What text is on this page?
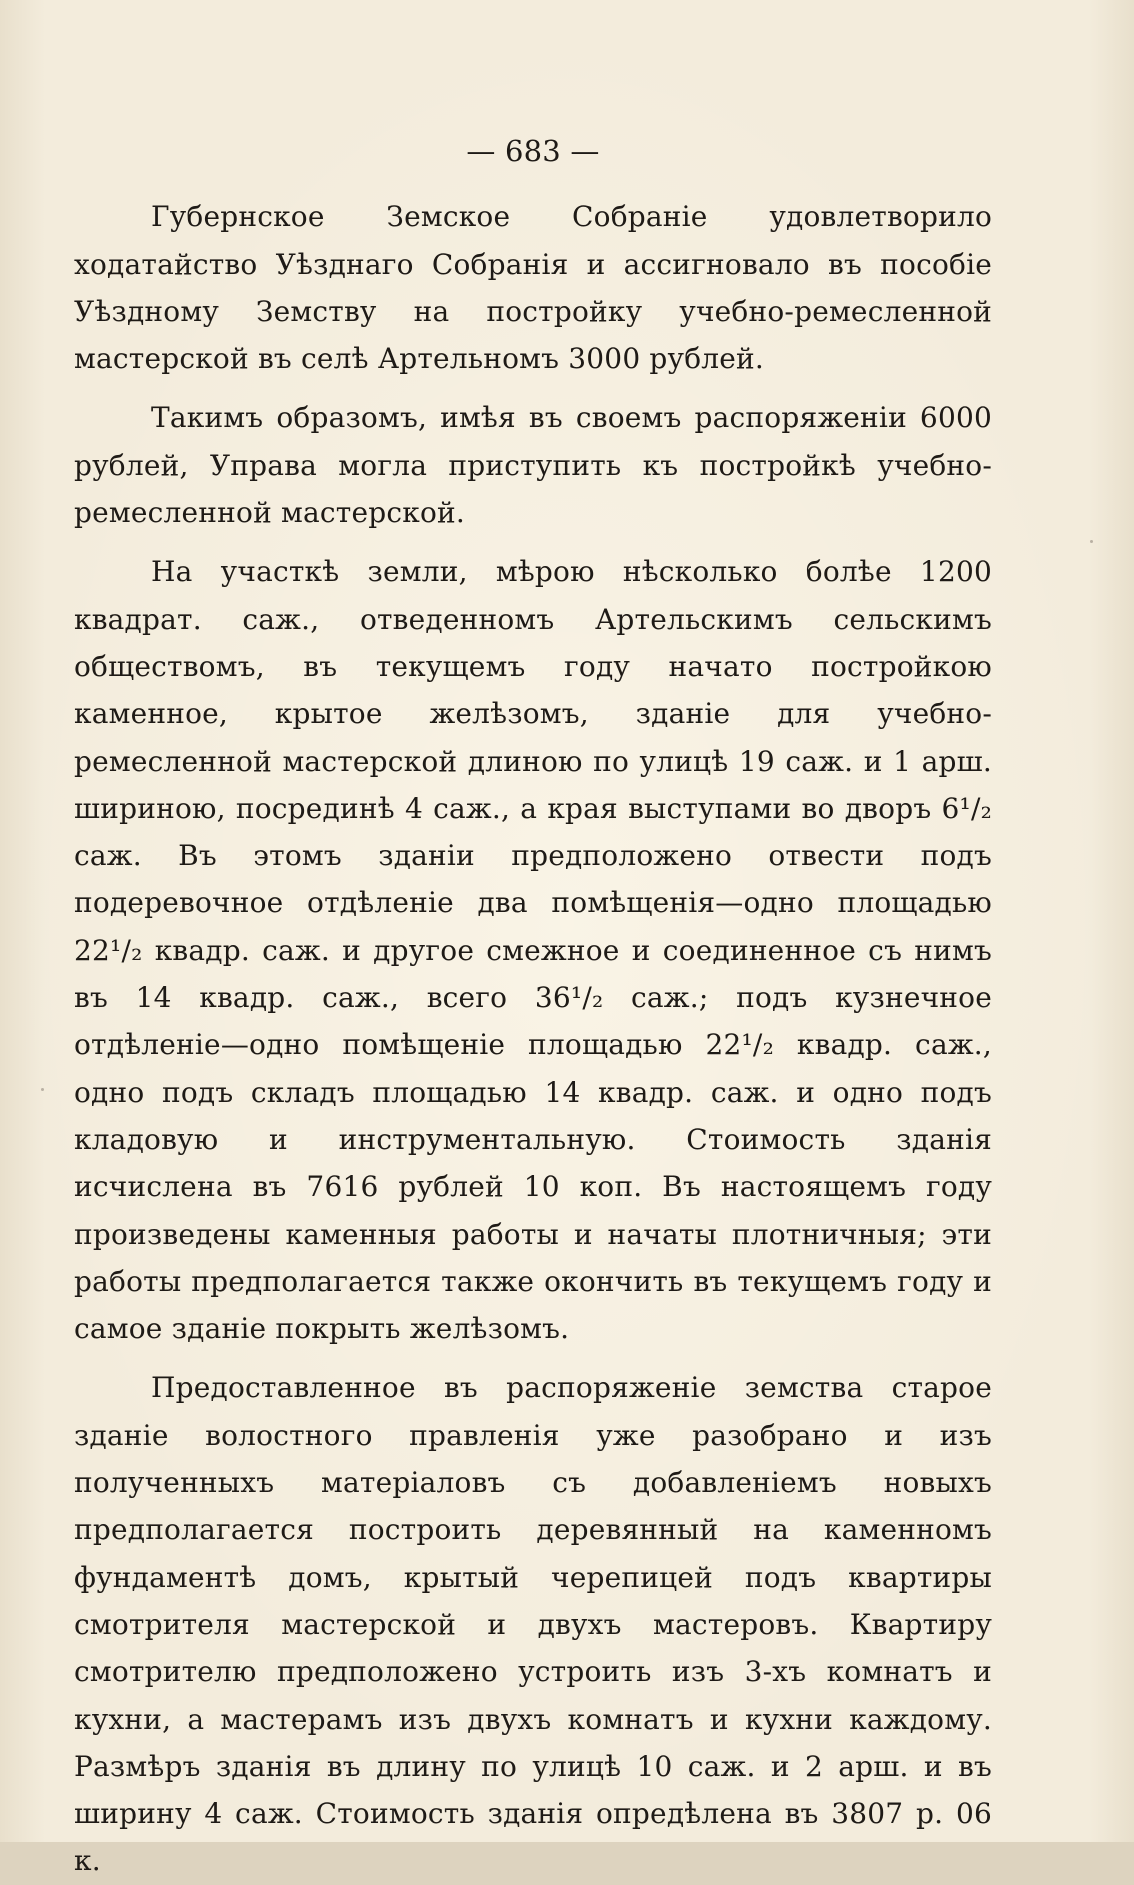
— 683 —

Губернское Земское Собраніе удовлетворило ходатайство Уѣзднаго Собранія и ассигновало въ пособіе Уѣздному Земству на постройку учебно-ремесленной мастерской въ селѣ Артельномъ 3000 рублей.

Такимъ образомъ, имѣя въ своемъ распоряженіи 6000 рублей, Управа могла приступить къ постройкѣ учебно-ремесленной мастерской.

На участкѣ земли, мѣрою нѣсколько болѣе 1200 квадрат. саж., отведенномъ Артельскимъ сельскимъ обществомъ, въ текущемъ году начато постройкою каменное, крытое желѣзомъ, зданіе для учебно-ремесленной мастерской длиною по улицѣ 19 саж. и 1 арш. шириною, посрединѣ 4 саж., а края выступами во дворъ 6¹/₂ саж. Въ этомъ зданіи предположено отвести подъ подеревочное отдѣленіе два помѣщенія—одно площадью 22¹/₂ квадр. саж. и другое смежное и соединенное съ нимъ въ 14 квадр. саж., всего 36¹/₂ саж.; подъ кузнечное отдѣленіе—одно помѣщеніе площадью 22¹/₂ квадр. саж., одно подъ складъ площадью 14 квадр. саж. и одно подъ кладовую и инструментальную. Стоимость зданія исчислена въ 7616 рублей 10 коп. Въ настоящемъ году произведены каменныя работы и начаты плотничныя; эти работы предполагается также окончить въ текущемъ году и самое зданіе покрыть желѣзомъ.

Предоставленное въ распоряженіе земства старое зданіе волостного правленія уже разобрано и изъ полученныхъ матеріаловъ съ добавленіемъ новыхъ предполагается построить деревянный на каменномъ фундаментѣ домъ, крытый черепицей подъ квартиры смотрителя мастерской и двухъ мастеровъ. Квартиру смотрителю предположено устроить изъ 3-хъ комнатъ и кухни, а мастерамъ изъ двухъ комнатъ и кухни каждому. Размѣръ зданія въ длину по улицѣ 10 саж. и 2 арш. и въ ширину 4 саж. Стоимость зданія опредѣлена въ 3807 р. 06 к.
